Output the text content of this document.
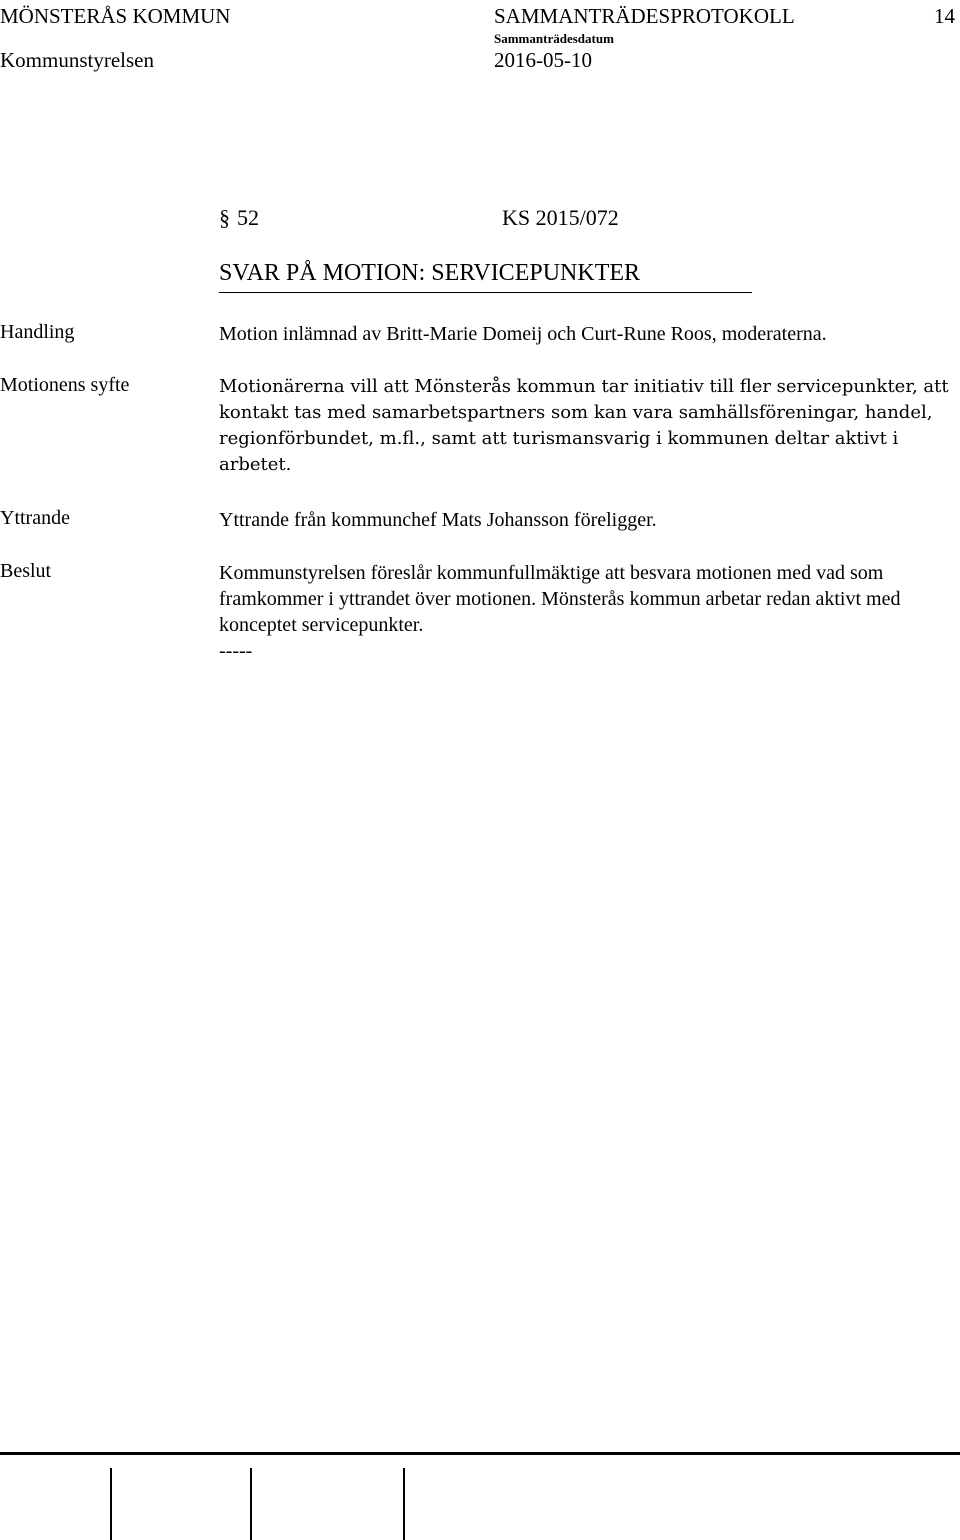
MÖNSTERÅS KOMMUN	SAMMANTRÄDESPROTOKOLL	14
Sammanträdesdatum
Kommunstyrelsen	2016-05-10
§ 52	KS 2015/072
SVAR PÅ MOTION: SERVICEPUNKTER
Handling	Motion inlämnad av Britt-Marie Domeij och Curt-Rune Roos, moderaterna.
Motionens syfte	Motionärerna vill att Mönsterås kommun tar initiativ till fler servicepunkter, att kontakt tas med samarbetspartners som kan vara samhällsföreningar, handel, regionförbundet, m.fl., samt att turismansvarig i kommunen deltar aktivt i arbetet.
Yttrande	Yttrande från kommunchef Mats Johansson föreligger.
Beslut	Kommunstyrelsen föreslår kommunfullmäktige att besvara motionen med vad som framkommer i yttrandet över motionen. Mönsterås kommun arbetar redan aktivt med konceptet servicepunkter.
-----
